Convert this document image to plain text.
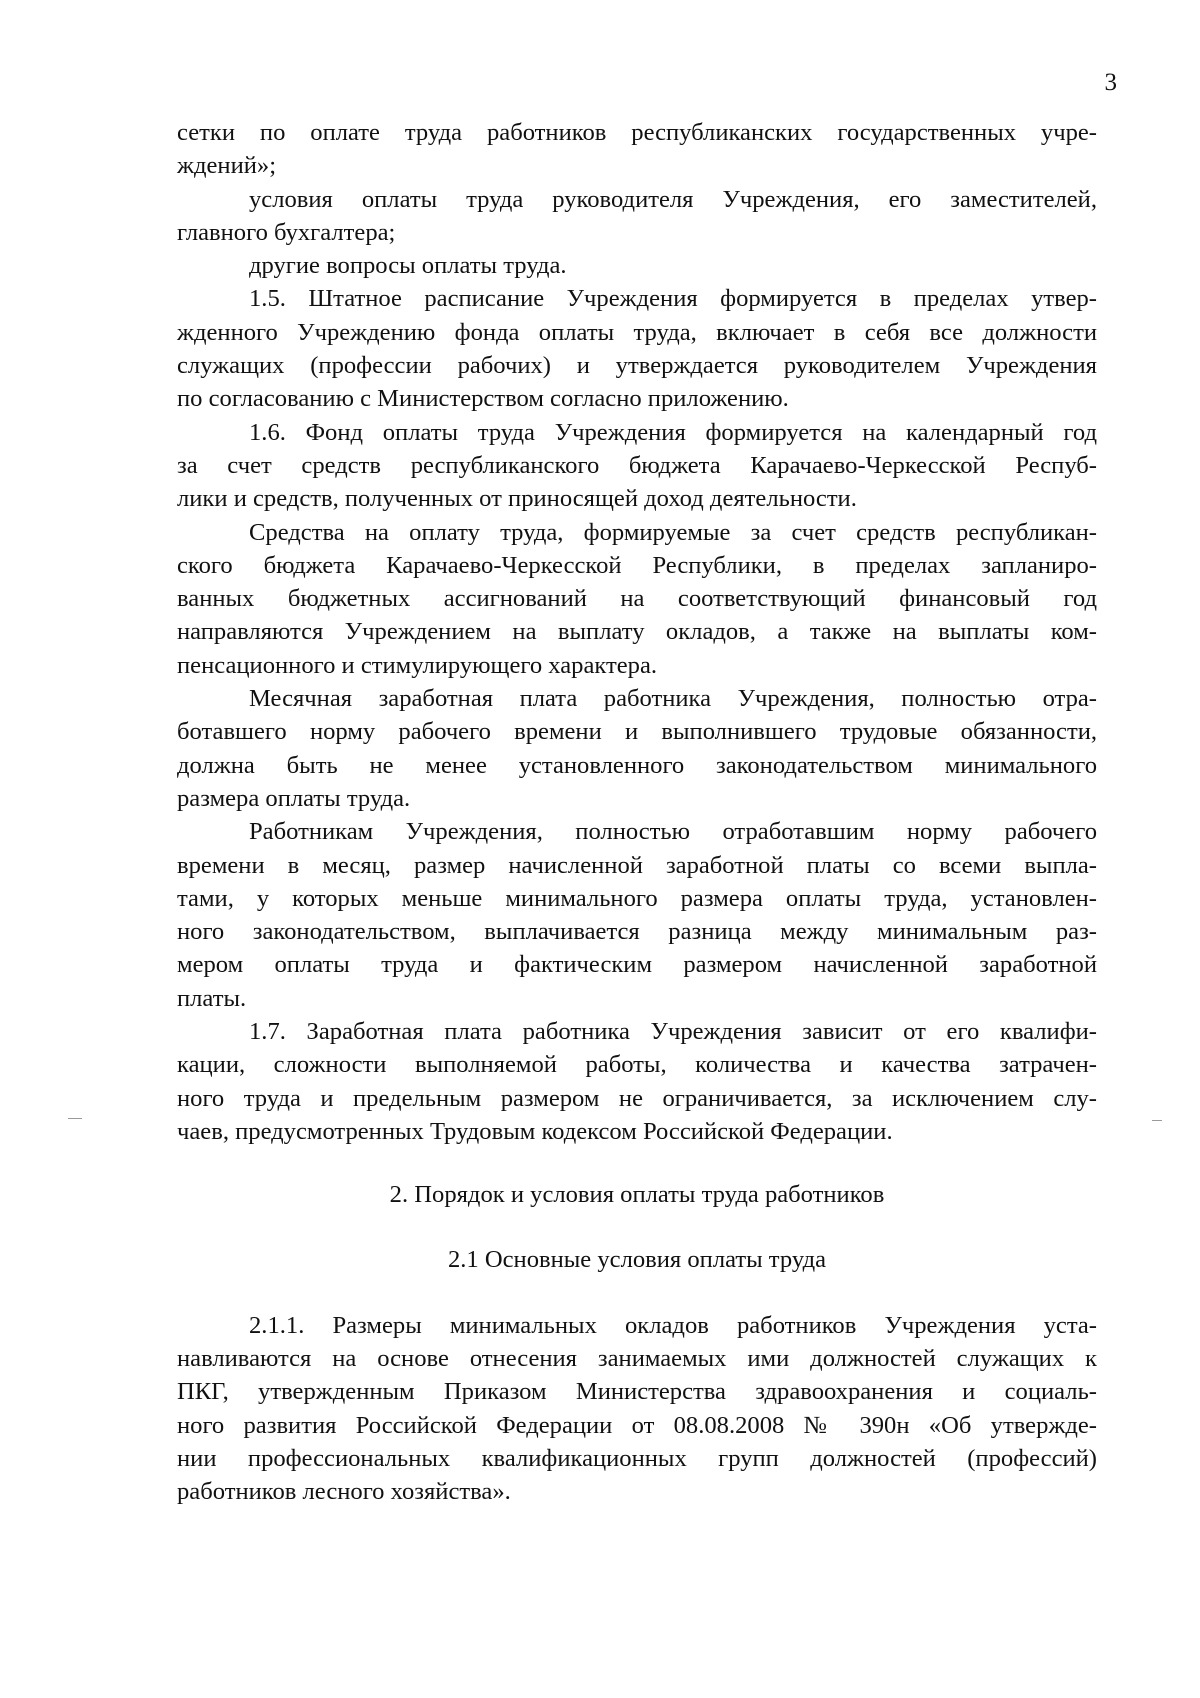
3
сетки по оплате труда работников республиканских государственных учре-
ждений»;
условия оплаты труда руководителя Учреждения, его заместителей,
главного бухгалтера;
другие вопросы оплаты труда.
1.5. Штатное расписание Учреждения формируется в пределах утвер-
жденного Учреждению фонда оплаты труда, включает в себя все должности
служащих (профессии рабочих) и утверждается руководителем Учреждения
по согласованию с Министерством согласно приложению.
1.6. Фонд оплаты труда Учреждения формируется на календарный год
за счет средств республиканского бюджета Карачаево-Черкесской Респуб-
лики и средств, полученных от приносящей доход деятельности.
Средства на оплату труда, формируемые за счет средств республикан-
ского бюджета Карачаево-Черкесской Республики, в пределах запланиро-
ванных бюджетных ассигнований на соответствующий финансовый год
направляются Учреждением на выплату окладов, а также на выплаты ком-
пенсационного и стимулирующего характера.
Месячная заработная плата работника Учреждения, полностью отра-
ботавшего норму рабочего времени и выполнившего трудовые обязанности,
должна быть не менее установленного законодательством минимального
размера оплаты труда.
Работникам Учреждения, полностью отработавшим норму рабочего
времени в месяц, размер начисленной заработной платы со всеми выпла-
тами, у которых меньше минимального размера оплаты труда, установлен-
ного законодательством, выплачивается разница между минимальным раз-
мером оплаты труда и фактическим размером начисленной заработной
платы.
1.7. Заработная плата работника Учреждения зависит от его квалифи-
кации, сложности выполняемой работы, количества и качества затрачен-
ного труда и предельным размером не ограничивается, за исключением слу-
чаев, предусмотренных Трудовым кодексом Российской Федерации.
2. Порядок и условия оплаты труда работников
2.1 Основные условия оплаты труда
2.1.1. Размеры минимальных окладов работников Учреждения уста-
навливаются на основе отнесения занимаемых ими должностей служащих к
ПКГ, утвержденным Приказом Министерства здравоохранения и социаль-
ного развития Российской Федерации от 08.08.2008 № 390н «Об утвержде-
нии профессиональных квалификационных групп должностей (профессий)
работников лесного хозяйства».
